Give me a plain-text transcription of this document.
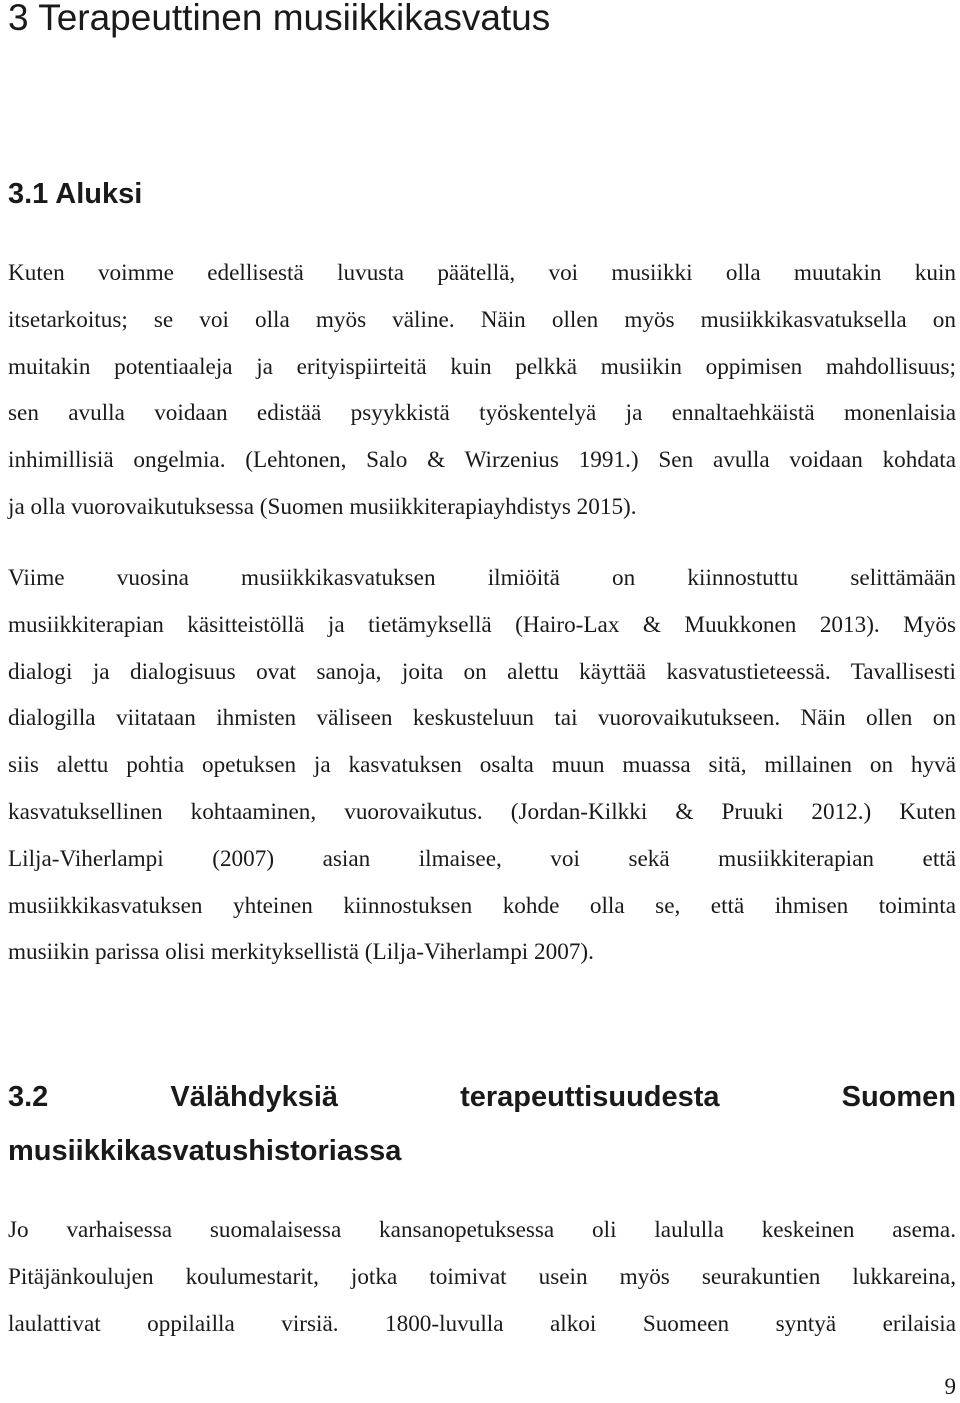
3 Terapeuttinen musiikkikasvatus
3.1 Aluksi
Kuten voimme edellisestä luvusta päätellä, voi musiikki olla muutakin kuin
itsetarkoitus; se voi olla myös väline. Näin ollen myös musiikkikasvatuksella on
muitakin potentiaaleja ja erityispiirteitä kuin pelkkä musiikin oppimisen mahdollisuus;
sen avulla voidaan edistää psyykkistä työskentelyä ja ennaltaehkäistä monenlaisia
inhimillisiä ongelmia. (Lehtonen, Salo & Wirzenius 1991.) Sen avulla voidaan kohdata
ja olla vuorovaikutuksessa (Suomen musiikkiterapiayhdistys 2015).
Viime vuosina musiikkikasvatuksen ilmiöitä on kiinnostuttu selittämään
musiikkiterapian käsitteistöllä ja tietämyksellä (Hairo-Lax & Muukkonen 2013). Myös
dialogi ja dialogisuus ovat sanoja, joita on alettu käyttää kasvatustieteessä. Tavallisesti
dialogilla viitataan ihmisten väliseen keskusteluun tai vuorovaikutukseen. Näin ollen on
siis alettu pohtia opetuksen ja kasvatuksen osalta muun muassa sitä, millainen on hyvä
kasvatuksellinen kohtaaminen, vuorovaikutus. (Jordan-Kilkki & Pruuki 2012.) Kuten
Lilja-Viherlampi (2007) asian ilmaisee, voi sekä musiikkiterapian että
musiikkikasvatuksen yhteinen kiinnostuksen kohde olla se, että ihmisen toiminta
musiikin parissa olisi merkityksellistä (Lilja-Viherlampi 2007).
3.2 Välähdyksiä terapeuttisuudesta Suomen
musiikkikasvatushistoriassa
Jo varhaisessa suomalaisessa kansanopetuksessa oli laululla keskeinen asema.
Pitäjänkoulujen koulumestarit, jotka toimivat usein myös seurakuntien lukkareina,
laulattivat oppilailla virsiä. 1800-luvulla alkoi Suomeen syntyä erilaisia
9
